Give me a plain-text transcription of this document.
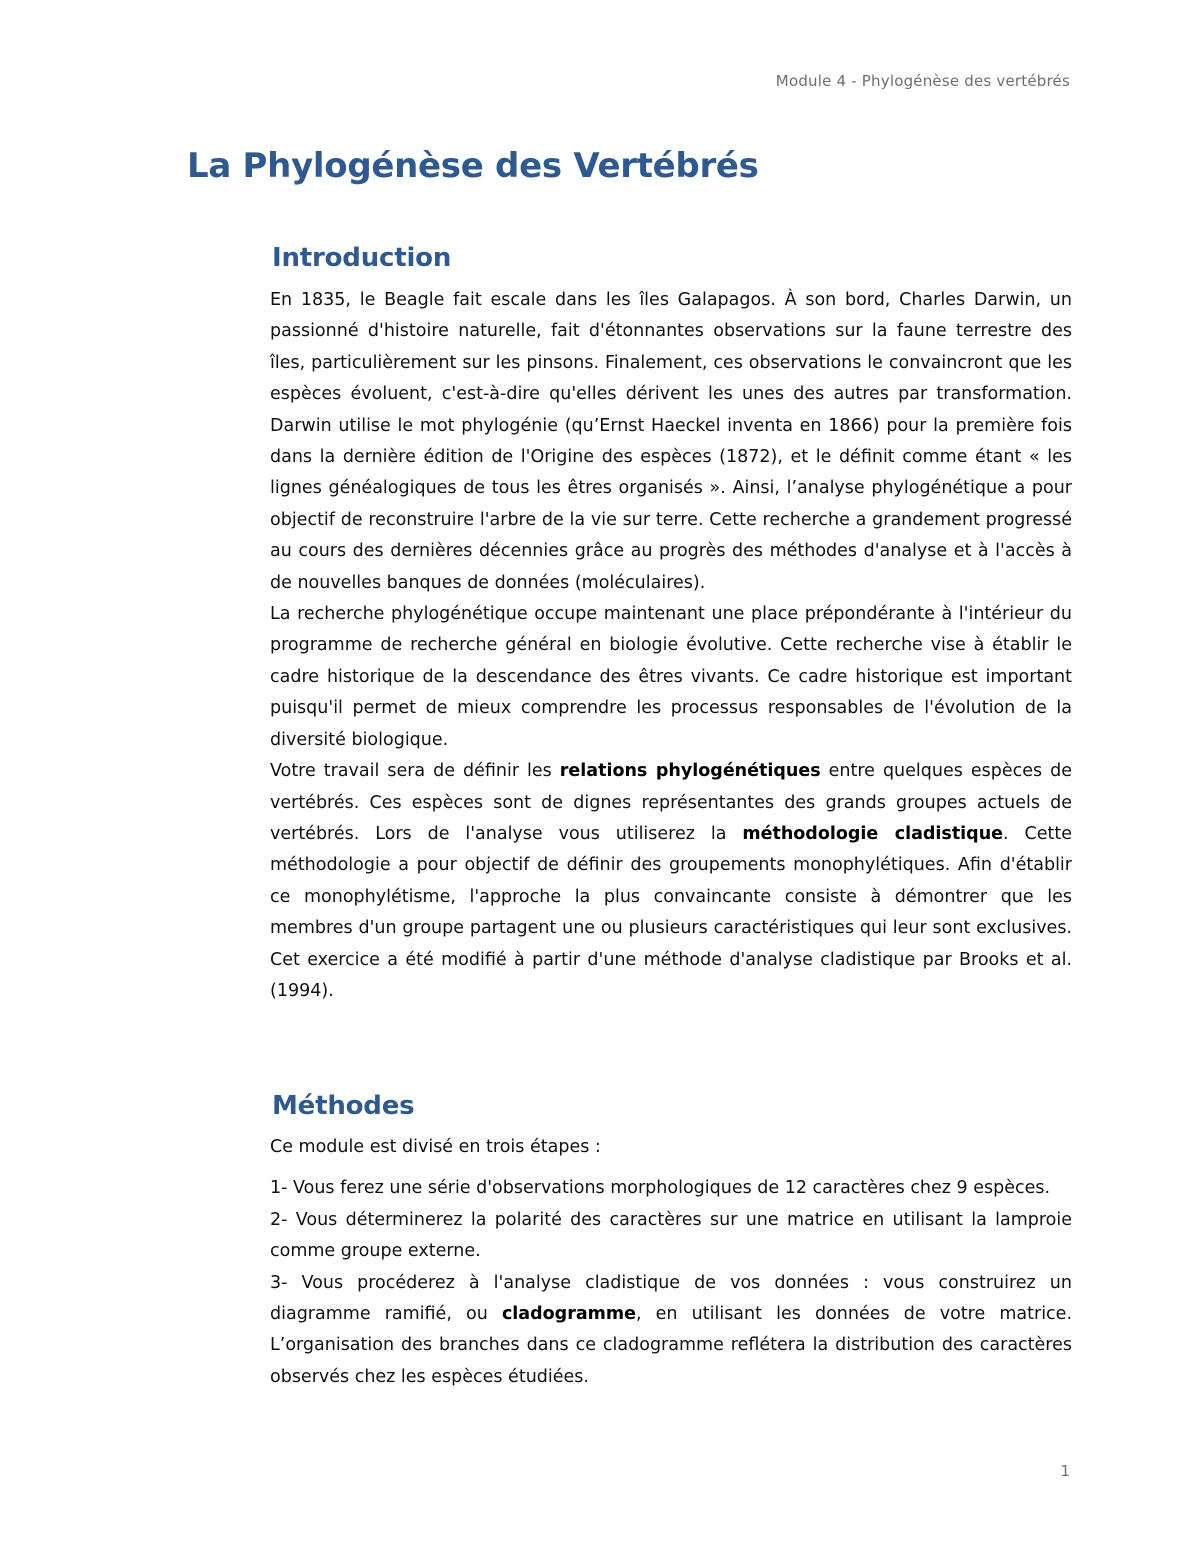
Module 4 - Phylogénèse des vertébrés
La Phylogénèse des Vertébrés
Introduction

En 1835, le Beagle fait escale dans les îles Galapagos. À son bord, Charles Darwin, un passionné d'histoire naturelle, fait d'étonnantes observations sur la faune terrestre des îles, particulièrement sur les pinsons. Finalement, ces observations le convaincront que les espèces évoluent, c'est-à-dire qu'elles dérivent les unes des autres par transformation. Darwin utilise le mot phylogénie (qu’Ernst Haeckel inventa en 1866) pour la première fois dans la dernière édition de l'Origine des espèces (1872), et le définit comme étant « les lignes généalogiques de tous les êtres organisés ». Ainsi, l’analyse phylogénétique a pour objectif de reconstruire l'arbre de la vie sur terre. Cette recherche a grandement progressé au cours des dernières décennies grâce au progrès des méthodes d'analyse et à l'accès à de nouvelles banques de données (moléculaires).

La recherche phylogénétique occupe maintenant une place prépondérante à l'intérieur du programme de recherche général en biologie évolutive. Cette recherche vise à établir le cadre historique de la descendance des êtres vivants. Ce cadre historique est important puisqu'il permet de mieux comprendre les processus responsables de l'évolution de la diversité biologique.

Votre travail sera de définir les relations phylogénétiques entre quelques espèces de vertébrés. Ces espèces sont de dignes représentantes des grands groupes actuels de vertébrés. Lors de l'analyse vous utiliserez la méthodologie cladistique. Cette méthodologie a pour objectif de définir des groupements monophylétiques. Afin d'établir ce monophylétisme, l'approche la plus convaincante consiste à démontrer que les membres d'un groupe partagent une ou plusieurs caractéristiques qui leur sont exclusives. Cet exercice a été modifié à partir d'une méthode d'analyse cladistique par Brooks et al. (1994).

Méthodes

Ce module est divisé en trois étapes :

1- Vous ferez une série d'observations morphologiques de 12 caractères chez 9 espèces.

2- Vous déterminerez la polarité des caractères sur une matrice en utilisant la lamproie comme groupe externe.

3- Vous procéderez à l'analyse cladistique de vos données : vous construirez un diagramme ramifié, ou cladogramme, en utilisant les données de votre matrice. L’organisation des branches dans ce cladogramme reflétera la distribution des caractères observés chez les espèces étudiées.

1
